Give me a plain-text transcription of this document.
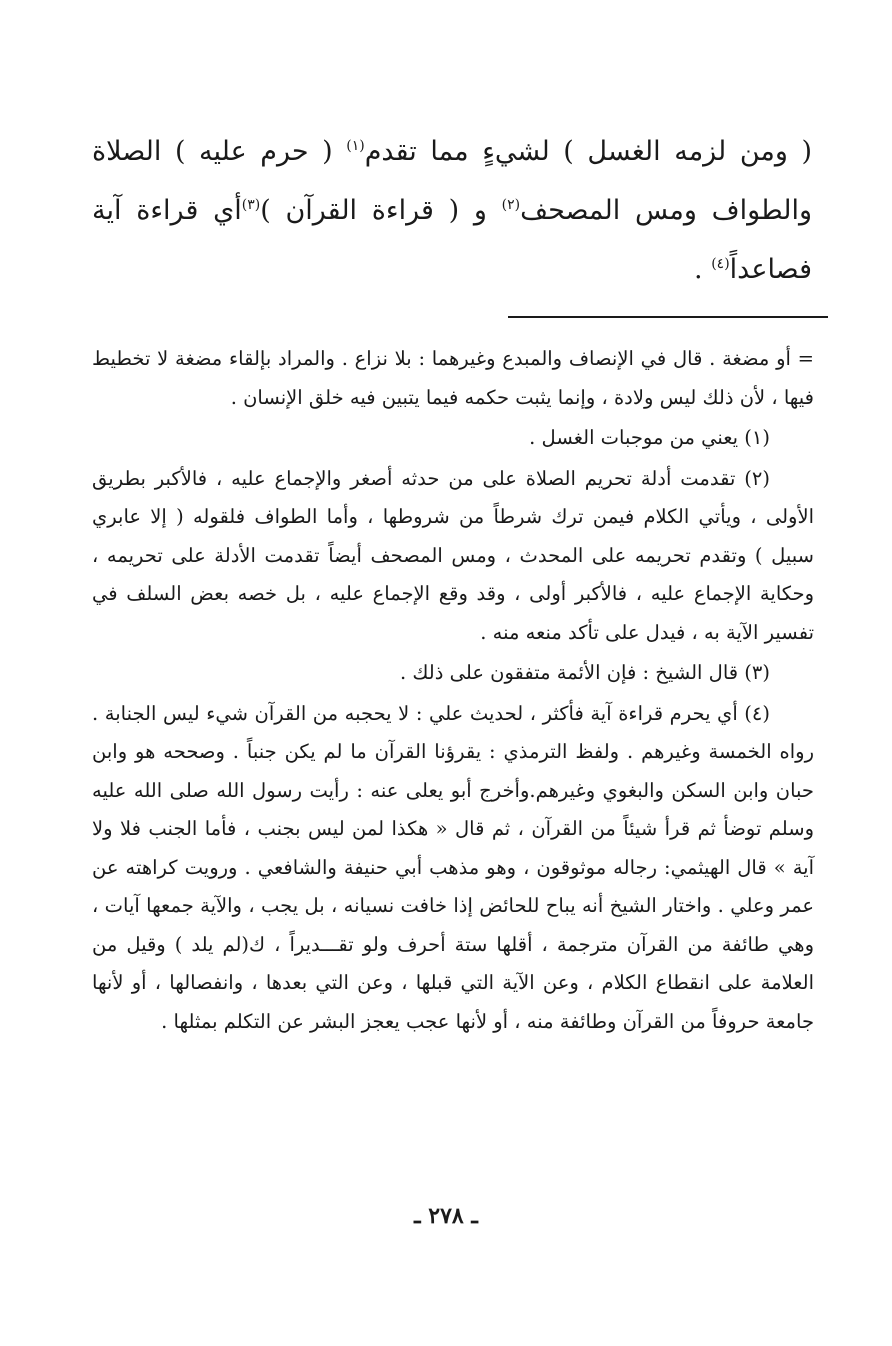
( ومن لزمه الغسل ) لشيءٍ مما تقدم$^{(١)}$ ( حرم عليه ) الصلاة والطواف ومس المصحف$^{(٢)}$ و ( قراءة القرآن )$^{(٣)}$أي قراءة آية فصاعداً$^{(٤)}$ .

= أو مضغة . قال في الإنصاف والمبدع وغيرهما : بلا نزاع . والمراد بإلقاء مضغة لا تخطيط فيها ، لأن ذلك ليس ولادة ، وإنما يثبت حكمه فيما يتبين فيه خلق الإنسان .

(١) يعني من موجبات الغسل .

(٢) تقدمت أدلة تحريم الصلاة على من حدثه أصغر والإجماع عليه ، فالأكبر بطريق الأولى ، ويأتي الكلام فيمن ترك شرطاً من شروطها ، وأما الطواف فلقوله ( إلا عابري سبيل ) وتقدم تحريمه على المحدث ، ومس المصحف أيضاً تقدمت الأدلة على تحريمه ، وحكاية الإجماع عليه ، فالأكبر أولى ، وقد وقع الإجماع عليه ، بل خصه بعض السلف في تفسير الآية به ، فيدل على تأكد منعه منه .

(٣) قال الشيخ : فإن الأئمة متفقون على ذلك .

(٤) أي يحرم قراءة آية فأكثر ، لحديث علي : لا يحجبه من القرآن شيء ليس الجنابة . رواه الخمسة وغيرهم . ولفظ الترمذي : يقرؤنا القرآن ما لم يكن جنباً . وصححه هو وابن حبان وابن السكن والبغوي وغيرهم.وأخرج أبو يعلى عنه : رأيت رسول الله صلى الله عليه وسلم توضأ ثم قرأ شيئاً من القرآن ، ثم قال « هكذا لمن ليس بجنب ، فأما الجنب فلا ولا آية » قال الهيثمي: رجاله موثوقون ، وهو مذهب أبي حنيفة والشافعي . ورويت كراهته عن عمر وعلي . واختار الشيخ أنه يباح للحائض إذا خافت نسيانه ، بل يجب ، والآية جمعها آيات ، وهي طائفة من القرآن مترجمة ، أقلها ستة أحرف ولو تقـــديراً ، ك(لم يلد ) وقيل من العلامة على انقطاع الكلام ، وعن الآية التي قبلها ، وعن التي بعدها ، وانفصالها ، أو لأنها جامعة حروفاً من القرآن وطائفة منه ، أو لأنها عجب يعجز البشر عن التكلم بمثلها .

ـ ٢٧٨ ـ
